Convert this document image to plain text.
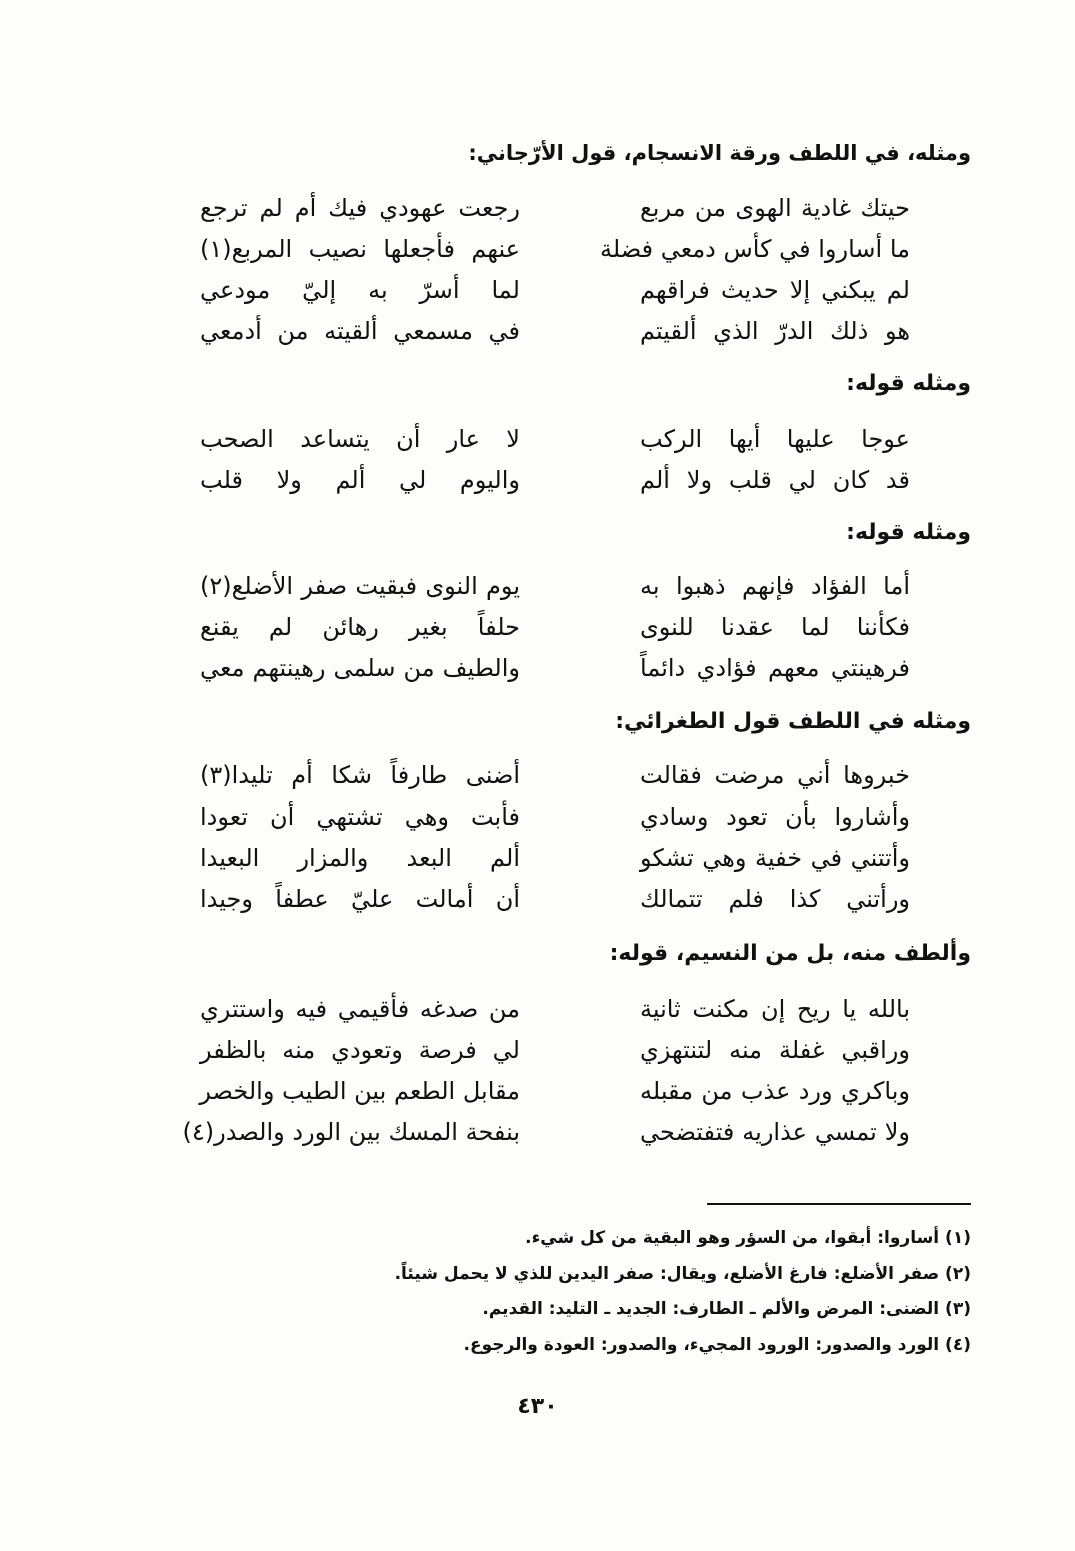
ومثله، في اللطف ورقة الانسجام، قول الأرّجاني:
حيتك غادية الهوى من مربع
رجعت عهودي فيك أم لم ترجع
ما أساروا في كأس دمعي فضلة
عنهم فأجعلها نصيب المربع(١)
لم يبكني إلا حديث فراقهم
لما أسرّ به إليّ مودعي
هو ذلك الدرّ الذي ألقيتم
في مسمعي ألقيته من أدمعي
ومثله قوله:
عوجا عليها أيها الركب
لا عار أن يتساعد الصحب
قد كان لي قلب ولا ألم
واليوم لي ألم ولا قلب
ومثله قوله:
أما الفؤاد فإنهم ذهبوا به
يوم النوى فبقيت صفر الأضلع(٢)
فكأننا لما عقدنا للنوى
حلفاً بغير رهائن لم يقنع
فرهينتي معهم فؤادي دائماً
والطيف من سلمى رهينتهم معي
ومثله في اللطف قول الطغرائي:
خبروها أني مرضت فقالت
أضنى طارفاً شكا أم تليدا(٣)
وأشاروا بأن تعود وسادي
فأبت وهي تشتهي أن تعودا
وأتتني في خفية وهي تشكو
ألم البعد والمزار البعيدا
ورأتني كذا فلم تتمالك
أن أمالت عليّ عطفاً وجيدا
وألطف منه، بل من النسيم، قوله:
بالله يا ريح إن مكنت ثانية
من صدغه فأقيمي فيه واستتري
وراقبي غفلة منه لتنتهزي
لي فرصة وتعودي منه بالظفر
وباكري ورد عذب من مقبله
مقابل الطعم بين الطيب والخصر
ولا تمسي عذاريه فتفتضحي
بنفحة المسك بين الورد والصدر(٤)
(١) أساروا: أبقوا، من السؤر وهو البقية من كل شيء.
(٢) صفر الأضلع: فارغ الأضلع، ويقال: صفر اليدين للذي لا يحمل شيئاً.
(٣) الضنى: المرض والألم ـ الطارف: الجديد ـ التليد: القديم.
(٤) الورد والصدور: الورود المجيء، والصدور: العودة والرجوع.
٤٣٠
